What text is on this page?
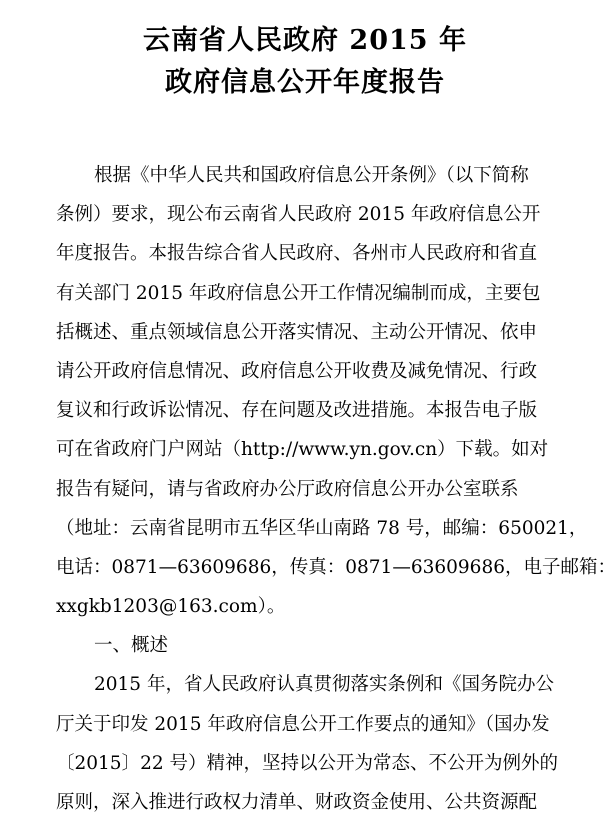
云南省人民政府 2015 年
政府信息公开年度报告
根据《中华人民共和国政府信息公开条例》（以下简称
条例）要求，现公布云南省人民政府 2015 年政府信息公开
年度报告。本报告综合省人民政府、各州市人民政府和省直
有关部门 2015 年政府信息公开工作情况编制而成，主要包
括概述、重点领域信息公开落实情况、主动公开情况、依申
请公开政府信息情况、政府信息公开收费及减免情况、行政
复议和行政诉讼情况、存在问题及改进措施。本报告电子版
可在省政府门户网站（http://www.yn.gov.cn）下载。如对
报告有疑问，请与省政府办公厅政府信息公开办公室联系
（地址：云南省昆明市五华区华山南路 78 号，邮编：650021，
电话：0871—63609686，传真：0871—63609686，电子邮箱：
xxgkb1203@163.com）。
一、概述
2015 年，省人民政府认真贯彻落实条例和《国务院办公
厅关于印发 2015 年政府信息公开工作要点的通知》（国办发
〔2015〕22 号）精神，坚持以公开为常态、不公开为例外的
原则，深入推进行政权力清单、财政资金使用、公共资源配
